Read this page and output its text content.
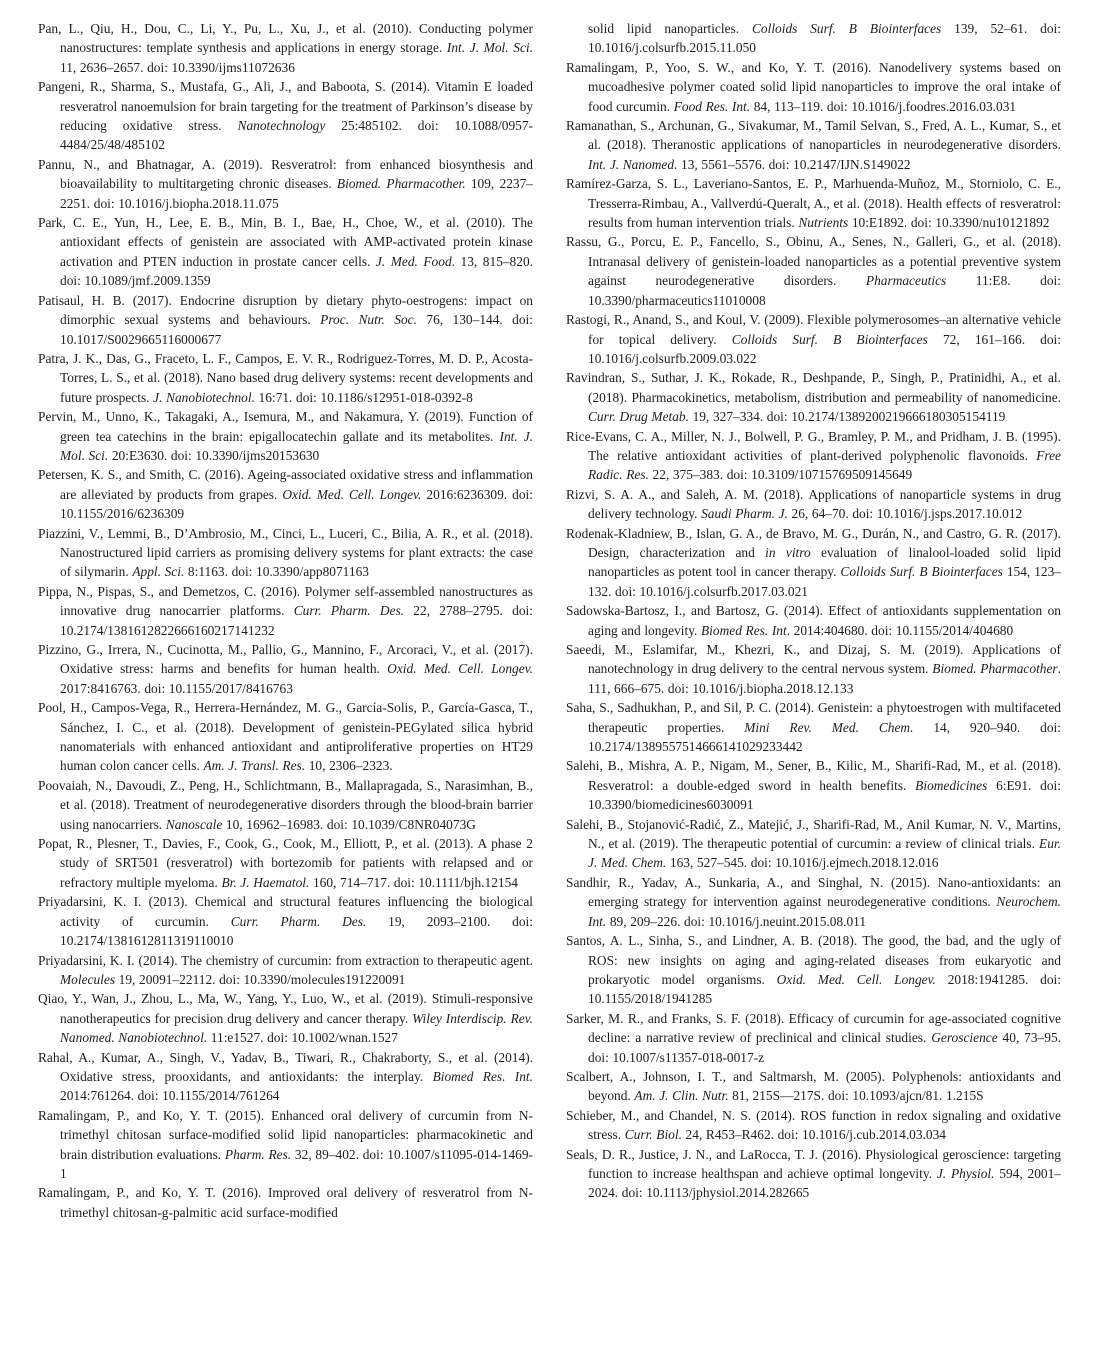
Pan, L., Qiu, H., Dou, C., Li, Y., Pu, L., Xu, J., et al. (2010). Conducting polymer nanostructures: template synthesis and applications in energy storage. Int. J. Mol. Sci. 11, 2636–2657. doi: 10.3390/ijms11072636

Pangeni, R., Sharma, S., Mustafa, G., Ali, J., and Baboota, S. (2014). Vitamin E loaded resveratrol nanoemulsion for brain targeting for the treatment of Parkinson’s disease by reducing oxidative stress. Nanotechnology 25:485102. doi: 10.1088/0957-4484/25/48/485102

Pannu, N., and Bhatnagar, A. (2019). Resveratrol: from enhanced biosynthesis and bioavailability to multitargeting chronic diseases. Biomed. Pharmacother. 109, 2237–2251. doi: 10.1016/j.biopha.2018.11.075

Park, C. E., Yun, H., Lee, E. B., Min, B. I., Bae, H., Choe, W., et al. (2010). The antioxidant effects of genistein are associated with AMP-activated protein kinase activation and PTEN induction in prostate cancer cells. J. Med. Food. 13, 815–820. doi: 10.1089/jmf.2009.1359

Patisaul, H. B. (2017). Endocrine disruption by dietary phyto-oestrogens: impact on dimorphic sexual systems and behaviours. Proc. Nutr. Soc. 76, 130–144. doi: 10.1017/S0029665116000677

Patra, J. K., Das, G., Fraceto, L. F., Campos, E. V. R., Rodriguez-Torres, M. D. P., Acosta-Torres, L. S., et al. (2018). Nano based drug delivery systems: recent developments and future prospects. J. Nanobiotechnol. 16:71. doi: 10.1186/s12951-018-0392-8

Pervin, M., Unno, K., Takagaki, A., Isemura, M., and Nakamura, Y. (2019). Function of green tea catechins in the brain: epigallocatechin gallate and its metabolites. Int. J. Mol. Sci. 20:E3630. doi: 10.3390/ijms20153630

Petersen, K. S., and Smith, C. (2016). Ageing-associated oxidative stress and inflammation are alleviated by products from grapes. Oxid. Med. Cell. Longev. 2016:6236309. doi: 10.1155/2016/6236309

Piazzini, V., Lemmi, B., D’Ambrosio, M., Cinci, L., Luceri, C., Bilia, A. R., et al. (2018). Nanostructured lipid carriers as promising delivery systems for plant extracts: the case of silymarin. Appl. Sci. 8:1163. doi: 10.3390/app8071163

Pippa, N., Pispas, S., and Demetzos, C. (2016). Polymer self-assembled nanostructures as innovative drug nanocarrier platforms. Curr. Pharm. Des. 22, 2788–2795. doi: 10.2174/1381612822666160217141232

Pizzino, G., Irrera, N., Cucinotta, M., Pallio, G., Mannino, F., Arcoraci, V., et al. (2017). Oxidative stress: harms and benefits for human health. Oxid. Med. Cell. Longev. 2017:8416763. doi: 10.1155/2017/8416763

Pool, H., Campos-Vega, R., Herrera-Hernández, M. G., García-Solis, P., García-Gasca, T., Sánchez, I. C., et al. (2018). Development of genistein-PEGylated silica hybrid nanomaterials with enhanced antioxidant and antiproliferative properties on HT29 human colon cancer cells. Am. J. Transl. Res. 10, 2306–2323.

Poovaiah, N., Davoudi, Z., Peng, H., Schlichtmann, B., Mallapragada, S., Narasimhan, B., et al. (2018). Treatment of neurodegenerative disorders through the blood-brain barrier using nanocarriers. Nanoscale 10, 16962–16983. doi: 10.1039/C8NR04073G

Popat, R., Plesner, T., Davies, F., Cook, G., Cook, M., Elliott, P., et al. (2013). A phase 2 study of SRT501 (resveratrol) with bortezomib for patients with relapsed and or refractory multiple myeloma. Br. J. Haematol. 160, 714–717. doi: 10.1111/bjh.12154

Priyadarsini, K. I. (2013). Chemical and structural features influencing the biological activity of curcumin. Curr. Pharm. Des. 19, 2093–2100. doi: 10.2174/1381612811319110010

Priyadarsini, K. I. (2014). The chemistry of curcumin: from extraction to therapeutic agent. Molecules 19, 20091–22112. doi: 10.3390/molecules191220091

Qiao, Y., Wan, J., Zhou, L., Ma, W., Yang, Y., Luo, W., et al. (2019). Stimuli-responsive nanotherapeutics for precision drug delivery and cancer therapy. Wiley Interdiscip. Rev. Nanomed. Nanobiotechnol. 11:e1527. doi: 10.1002/wnan.1527

Rahal, A., Kumar, A., Singh, V., Yadav, B., Tiwari, R., Chakraborty, S., et al. (2014). Oxidative stress, prooxidants, and antioxidants: the interplay. Biomed Res. Int. 2014:761264. doi: 10.1155/2014/761264

Ramalingam, P., and Ko, Y. T. (2015). Enhanced oral delivery of curcumin from N-trimethyl chitosan surface-modified solid lipid nanoparticles: pharmacokinetic and brain distribution evaluations. Pharm. Res. 32, 89–402. doi: 10.1007/s11095-014-1469-1

Ramalingam, P., and Ko, Y. T. (2016). Improved oral delivery of resveratrol from N-trimethyl chitosan-g-palmitic acid surface-modified

solid lipid nanoparticles. Colloids Surf. B Biointerfaces 139, 52–61. doi: 10.1016/j.colsurfb.2015.11.050

Ramalingam, P., Yoo, S. W., and Ko, Y. T. (2016). Nanodelivery systems based on mucoadhesive polymer coated solid lipid nanoparticles to improve the oral intake of food curcumin. Food Res. Int. 84, 113–119. doi: 10.1016/j.foodres.2016.03.031

Ramanathan, S., Archunan, G., Sivakumar, M., Tamil Selvan, S., Fred, A. L., Kumar, S., et al. (2018). Theranostic applications of nanoparticles in neurodegenerative disorders. Int. J. Nanomed. 13, 5561–5576. doi: 10.2147/IJN.S149022

Ramírez-Garza, S. L., Laveriano-Santos, E. P., Marhuenda-Muñoz, M., Storniolo, C. E., Tresserra-Rimbau, A., Vallverdú-Queralt, A., et al. (2018). Health effects of resveratrol: results from human intervention trials. Nutrients 10:E1892. doi: 10.3390/nu10121892

Rassu, G., Porcu, E. P., Fancello, S., Obinu, A., Senes, N., Galleri, G., et al. (2018). Intranasal delivery of genistein-loaded nanoparticles as a potential preventive system against neurodegenerative disorders. Pharmaceutics 11:E8. doi: 10.3390/pharmaceutics11010008

Rastogi, R., Anand, S., and Koul, V. (2009). Flexible polymerosomes–an alternative vehicle for topical delivery. Colloids Surf. B Biointerfaces 72, 161–166. doi: 10.1016/j.colsurfb.2009.03.022

Ravindran, S., Suthar, J. K., Rokade, R., Deshpande, P., Singh, P., Pratinidhi, A., et al. (2018). Pharmacokinetics, metabolism, distribution and permeability of nanomedicine. Curr. Drug Metab. 19, 327–334. doi: 10.2174/1389200219666180305154119

Rice-Evans, C. A., Miller, N. J., Bolwell, P. G., Bramley, P. M., and Pridham, J. B. (1995). The relative antioxidant activities of plant-derived polyphenolic flavonoids. Free Radic. Res. 22, 375–383. doi: 10.3109/10715769509145649

Rizvi, S. A. A., and Saleh, A. M. (2018). Applications of nanoparticle systems in drug delivery technology. Saudi Pharm. J. 26, 64–70. doi: 10.1016/j.jsps.2017.10.012

Rodenak-Kladniew, B., Islan, G. A., de Bravo, M. G., Durán, N., and Castro, G. R. (2017). Design, characterization and in vitro evaluation of linalool-loaded solid lipid nanoparticles as potent tool in cancer therapy. Colloids Surf. B Biointerfaces 154, 123–132. doi: 10.1016/j.colsurfb.2017.03.021

Sadowska-Bartosz, I., and Bartosz, G. (2014). Effect of antioxidants supplementation on aging and longevity. Biomed Res. Int. 2014:404680. doi: 10.1155/2014/404680

Saeedi, M., Eslamifar, M., Khezri, K., and Dizaj, S. M. (2019). Applications of nanotechnology in drug delivery to the central nervous system. Biomed. Pharmacother. 111, 666–675. doi: 10.1016/j.biopha.2018.12.133

Saha, S., Sadhukhan, P., and Sil, P. C. (2014). Genistein: a phytoestrogen with multifaceted therapeutic properties. Mini Rev. Med. Chem. 14, 920–940. doi: 10.2174/1389557514666141029233442

Salehi, B., Mishra, A. P., Nigam, M., Sener, B., Kilic, M., Sharifi-Rad, M., et al. (2018). Resveratrol: a double-edged sword in health benefits. Biomedicines 6:E91. doi: 10.3390/biomedicines6030091

Salehi, B., Stojanović-Radić, Z., Matejić, J., Sharifi-Rad, M., Anil Kumar, N. V., Martins, N., et al. (2019). The therapeutic potential of curcumin: a review of clinical trials. Eur. J. Med. Chem. 163, 527–545. doi: 10.1016/j.ejmech.2018.12.016

Sandhir, R., Yadav, A., Sunkaria, A., and Singhal, N. (2015). Nano-antioxidants: an emerging strategy for intervention against neurodegenerative conditions. Neurochem. Int. 89, 209–226. doi: 10.1016/j.neuint.2015.08.011

Santos, A. L., Sinha, S., and Lindner, A. B. (2018). The good, the bad, and the ugly of ROS: new insights on aging and aging-related diseases from eukaryotic and prokaryotic model organisms. Oxid. Med. Cell. Longev. 2018:1941285. doi: 10.1155/2018/1941285

Sarker, M. R., and Franks, S. F. (2018). Efficacy of curcumin for age-associated cognitive decline: a narrative review of preclinical and clinical studies. Geroscience 40, 73–95. doi: 10.1007/s11357-018-0017-z

Scalbert, A., Johnson, I. T., and Saltmarsh, M. (2005). Polyphenols: antioxidants and beyond. Am. J. Clin. Nutr. 81, 215S—217S. doi: 10.1093/ajcn/81. 1.215S

Schieber, M., and Chandel, N. S. (2014). ROS function in redox signaling and oxidative stress. Curr. Biol. 24, R453–R462. doi: 10.1016/j.cub.2014.03.034

Seals, D. R., Justice, J. N., and LaRocca, T. J. (2016). Physiological geroscience: targeting function to increase healthspan and achieve optimal longevity. J. Physiol. 594, 2001–2024. doi: 10.1113/jphysiol.2014.282665
